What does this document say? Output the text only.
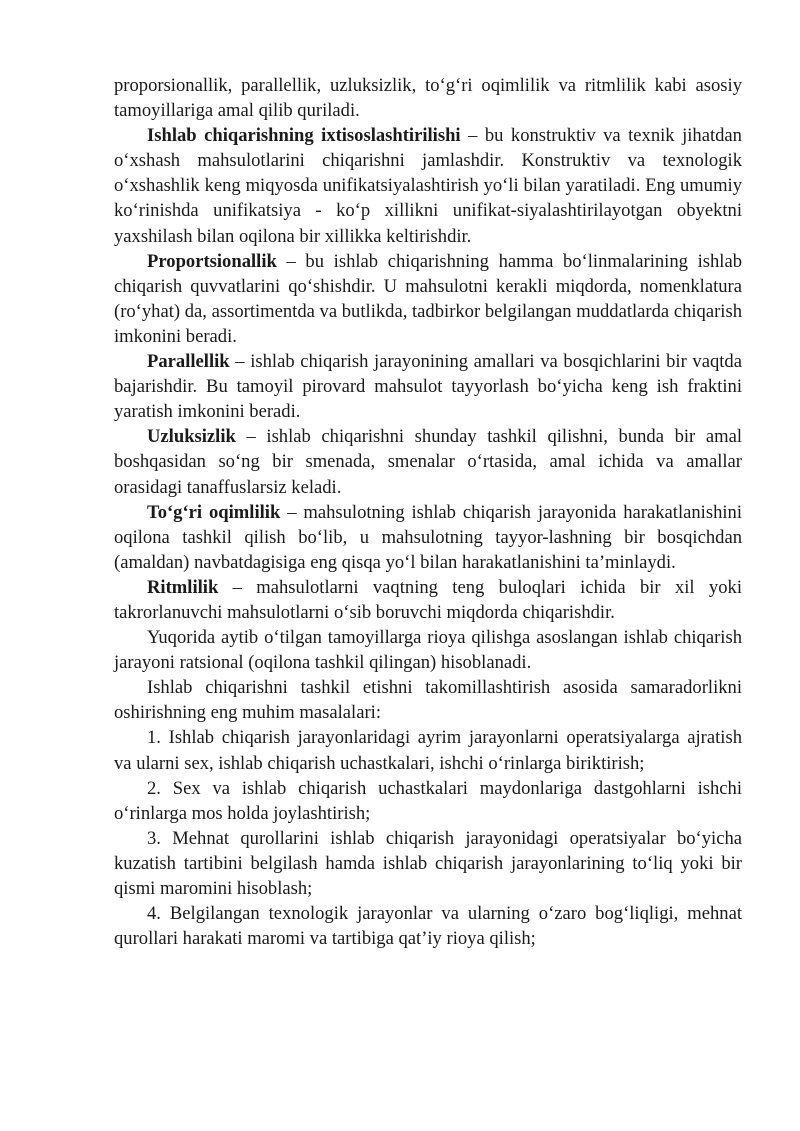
proporsionallik, parallellik, uzluksizlik, to‘g‘ri oqimlilik va ritmlilik kabi asosiy tamoyillariga amal qilib quriladi.

Ishlab chiqarishning ixtisoslashtirilishi – bu konstruktiv va texnik jihatdan o‘xshash mahsulotlarini chiqarishni jamlashdir. Konstruktiv va texnologik o‘xshashlik keng miqyosda unifikatsiyalashtirish yo‘li bilan yaratiladi. Eng umumiy ko‘rinishda unifikatsiya - ko‘p xillikni unifikat-siyalashtirilayotgan obyektni yaxshilash bilan oqilona bir xillikka keltirishdir.

Proportsionallik – bu ishlab chiqarishning hamma bo‘linmalarining ishlab chiqarish quvvatlarini qo‘shishdir. U mahsulotni kerakli miqdorda, nomenklatura (ro‘yhat) da, assortimentda va butlikda, tadbirkor belgilangan muddatlarda chiqarish imkonini beradi.

Parallellik – ishlab chiqarish jarayonining amallari va bosqichlarini bir vaqtda bajarishdir. Bu tamoyil pirovard mahsulot tayyorlash bo‘yicha keng ish fraktini yaratish imkonini beradi.

Uzluksizlik – ishlab chiqarishni shunday tashkil qilishni, bunda bir amal boshqasidan so‘ng bir smenada, smenalar o‘rtasida, amal ichida va amallar orasidagi tanaffuslarsiz keladi.

To‘g‘ri oqimlilik – mahsulotning ishlab chiqarish jarayonida harakatlanishini oqilona tashkil qilish bo‘lib, u mahsulotning tayyor-lashning bir bosqichdan (amaldan) navbatdagisiga eng qisqa yo‘l bilan harakatlanishini ta’minlaydi.

Ritmlilik – mahsulotlarni vaqtning teng buloqlari ichida bir xil yoki takrorlanuvchi mahsulotlarni o‘sib boruvchi miqdorda chiqarishdir.

Yuqorida aytib o‘tilgan tamoyillarga rioya qilishga asoslangan ishlab chiqarish jarayoni ratsional (oqilona tashkil qilingan) hisoblanadi.

Ishlab chiqarishni tashkil etishni takomillashtirish asosida samaradorlikni oshirishning eng muhim masalalari:

1. Ishlab chiqarish jarayonlaridagi ayrim jarayonlarni operatsiyalarga ajratish va ularni sex, ishlab chiqarish uchastkalari, ishchi o‘rinlarga biriktirish;

2. Sex va ishlab chiqarish uchastkalari maydonlariga dastgohlarni ishchi o‘rinlarga mos holda joylashtirish;

3. Mehnat qurollarini ishlab chiqarish jarayonidagi operatsiyalar bo‘yicha kuzatish tartibini belgilash hamda ishlab chiqarish jarayonlarining to‘liq yoki bir qismi maromini hisoblash;

4. Belgilangan texnologik jarayonlar va ularning o‘zaro bog‘liqligi, mehnat qurollari harakati maromi va tartibiga qat’iy rioya qilish;
